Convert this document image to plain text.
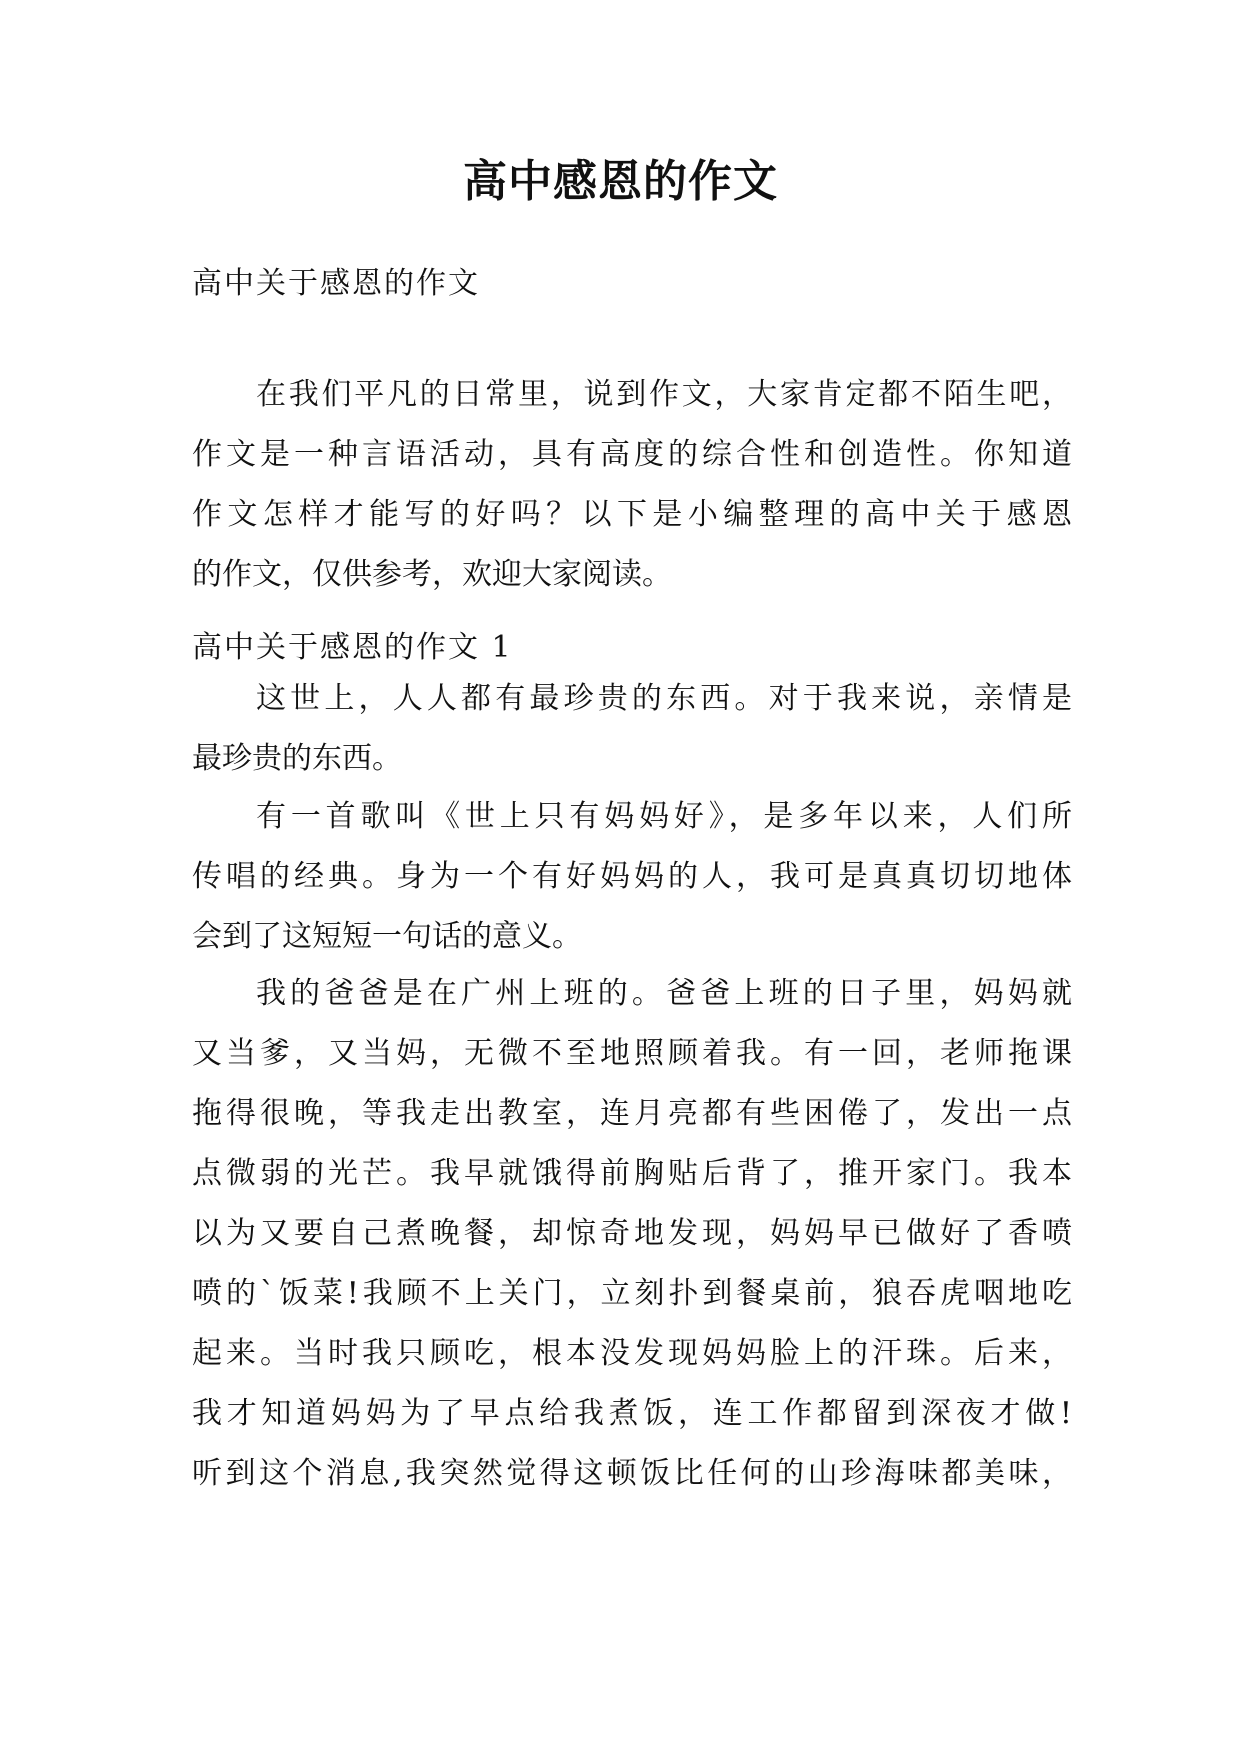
高中感恩的作文
高中关于感恩的作文
在我们平凡的日常里，说到作文，大家肯定都不陌生吧，
作文是一种言语活动，具有高度的综合性和创造性。你知道
作文怎样才能写的好吗？以下是小编整理的高中关于感恩
的作文，仅供参考，欢迎大家阅读。
高中关于感恩的作文 1
这世上，人人都有最珍贵的东西。对于我来说，亲情是
最珍贵的东西。
有一首歌叫《世上只有妈妈好》，是多年以来，人们所
传唱的经典。身为一个有好妈妈的人，我可是真真切切地体
会到了这短短一句话的意义。
我的爸爸是在广州上班的。爸爸上班的日子里，妈妈就
又当爹，又当妈，无微不至地照顾着我。有一回，老师拖课
拖得很晚，等我走出教室，连月亮都有些困倦了，发出一点
点微弱的光芒。我早就饿得前胸贴后背了，推开家门。我本
以为又要自己煮晚餐，却惊奇地发现，妈妈早已做好了香喷
喷的`饭菜!我顾不上关门，立刻扑到餐桌前，狼吞虎咽地吃
起来。当时我只顾吃，根本没发现妈妈脸上的汗珠。后来，
我才知道妈妈为了早点给我煮饭，连工作都留到深夜才做!
听到这个消息,我突然觉得这顿饭比任何的山珍海味都美味，
